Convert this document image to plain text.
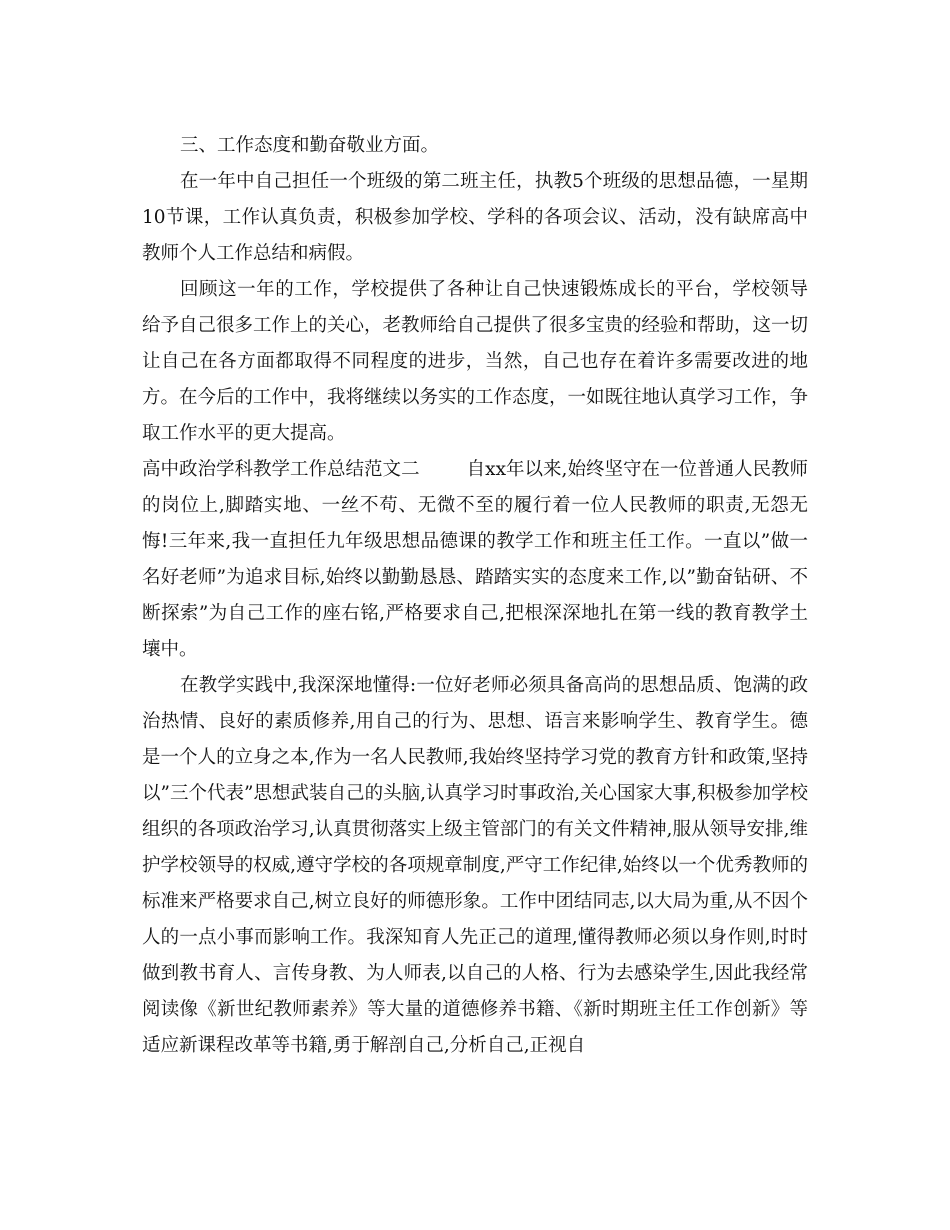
三、工作态度和勤奋敬业方面。

在一年中自己担任一个班级的第二班主任，执教5个班级的思想品德，一星期10节课，工作认真负责，积极参加学校、学科的各项会议、活动，没有缺席高中教师个人工作总结和病假。

回顾这一年的工作，学校提供了各种让自己快速锻炼成长的平台，学校领导给予自己很多工作上的关心，老教师给自己提供了很多宝贵的经验和帮助，这一切让自己在各方面都取得不同程度的进步，当然，自己也存在着许多需要改进的地方。在今后的工作中，我将继续以务实的工作态度，一如既往地认真学习工作，争取工作水平的更大提高。

高中政治学科教学工作总结范文二	自xx年以来,始终坚守在一位普通人民教师的岗位上,脚踏实地、一丝不苟、无微不至的履行着一位人民教师的职责,无怨无悔!三年来,我一直担任九年级思想品德课的教学工作和班主任工作。一直以”做一名好老师”为追求目标,始终以勤勤恳恳、踏踏实实的态度来工作,以”勤奋钻研、不断探索”为自己工作的座右铭,严格要求自己,把根深深地扎在第一线的教育教学土壤中。

在教学实践中,我深深地懂得:一位好老师必须具备高尚的思想品质、饱满的政治热情、良好的素质修养,用自己的行为、思想、语言来影响学生、教育学生。德是一个人的立身之本,作为一名人民教师,我始终坚持学习党的教育方针和政策,坚持以”三个代表”思想武装自己的头脑,认真学习时事政治,关心国家大事,积极参加学校组织的各项政治学习,认真贯彻落实上级主管部门的有关文件精神,服从领导安排,维护学校领导的权威,遵守学校的各项规章制度,严守工作纪律,始终以一个优秀教师的标准来严格要求自己,树立良好的师德形象。工作中团结同志,以大局为重,从不因个人的一点小事而影响工作。我深知育人先正己的道理,懂得教师必须以身作则,时时做到教书育人、言传身教、为人师表,以自己的人格、行为去感染学生,因此我经常阅读像《新世纪教师素养》等大量的道德修养书籍、《新时期班主任工作创新》等适应新课程改革等书籍,勇于解剖自己,分析自己,正视自
